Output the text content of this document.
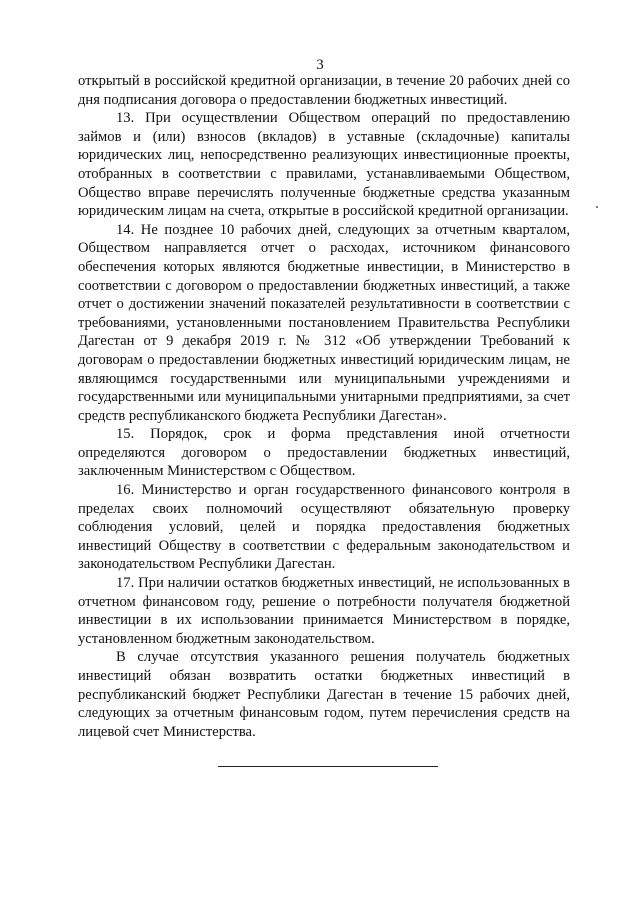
3

открытый в российской кредитной организации, в течение 20 рабочих дней со дня подписания договора о предоставлении бюджетных инвестиций.

13. При осуществлении Обществом операций по предоставлению займов и (или) взносов (вкладов) в уставные (складочные) капиталы юридических лиц, непосредственно реализующих инвестиционные проекты, отобранных в соответствии с правилами, устанавливаемыми Обществом, Общество вправе перечислять полученные бюджетные средства указанным юридическим лицам на счета, открытые в российской кредитной организации.

14. Не позднее 10 рабочих дней, следующих за отчетным кварталом, Обществом направляется отчет о расходах, источником финансового обеспечения которых являются бюджетные инвестиции, в Министерство в соответствии с договором о предоставлении бюджетных инвестиций, а также отчет о достижении значений показателей результативности в соответствии с требованиями, установленными постановлением Правительства Республики Дагестан от 9 декабря 2019 г. № 312 «Об утверждении Требований к договорам о предоставлении бюджетных инвестиций юридическим лицам, не являющимся государственными или муниципальными учреждениями и государственными или муниципальными унитарными предприятиями, за счет средств республиканского бюджета Республики Дагестан».

15. Порядок, срок и форма представления иной отчетности определяются договором о предоставлении бюджетных инвестиций, заключенным Министерством с Обществом.

16. Министерство и орган государственного финансового контроля в пределах своих полномочий осуществляют обязательную проверку соблюдения условий, целей и порядка предоставления бюджетных инвестиций Обществу в соответствии с федеральным законодательством и законодательством Республики Дагестан.

17. При наличии остатков бюджетных инвестиций, не использованных в отчетном финансовом году, решение о потребности получателя бюджетной инвестиции в их использовании принимается Министерством в порядке, установленном бюджетным законодательством.

В случае отсутствия указанного решения получатель бюджетных инвестиций обязан возвратить остатки бюджетных инвестиций в республиканский бюджет Республики Дагестан в течение 15 рабочих дней, следующих за отчетным финансовым годом, путем перечисления средств на лицевой счет Министерства.
